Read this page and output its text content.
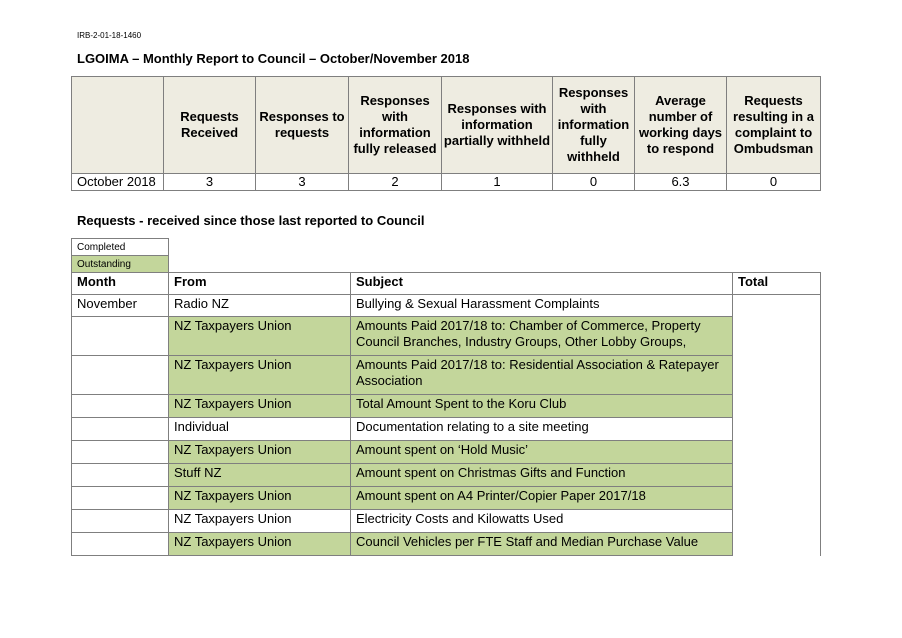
IRB-2-01-18-1460
LGOIMA – Monthly Report to Council – October/November 2018
	Requests Received	Responses to requests	Responses with information fully released	Responses with information partially withheld	Responses with information fully withheld	Average number of working days to respond	Requests resulting in a complaint to Ombudsman
October 2018	3	3	2	1	0	6.3	0
Requests - received since those last reported to Council
Completed
Outstanding
Month	From	Subject	Total
November	Radio NZ	Bullying & Sexual Harassment Complaints	
	NZ Taxpayers Union	Amounts Paid 2017/18 to: Chamber of Commerce, Property Council Branches, Industry Groups, Other Lobby Groups,	
	NZ Taxpayers Union	Amounts Paid 2017/18 to: Residential Association & Ratepayer Association	
	NZ Taxpayers Union	Total Amount Spent to the Koru Club	
	Individual	Documentation relating to a site meeting	
	NZ Taxpayers Union	Amount spent on ‘Hold Music’	
	Stuff NZ	Amount spent on Christmas Gifts and Function	
	NZ Taxpayers Union	Amount spent on A4 Printer/Copier Paper 2017/18	
	NZ Taxpayers Union	Electricity Costs and Kilowatts Used	
	NZ Taxpayers Union	Council Vehicles per FTE Staff and Median Purchase Value	
